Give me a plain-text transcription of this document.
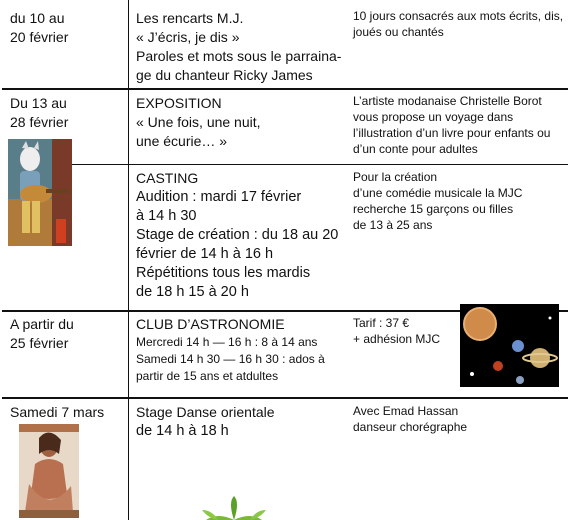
du 10 au
20 février
Les rencarts M.J.
« J’écris, je dis »
Paroles et mots sous le parraina-
ge du chanteur Ricky James
10 jours consacrés aux mots écrits, dis,
joués ou chantés
Du 13 au
28 février
EXPOSITION
« Une fois, une nuit,
une écurie… »
L’artiste modanaise Christelle Borot
vous propose un voyage dans
l’illustration d’un livre pour enfants ou
d’un conte pour adultes
CASTING
Audition : mardi 17 février
à 14 h 30
Stage de création : du 18 au 20
février de 14 h à 16 h
Répétitions tous les mardis
de 18 h 15 à 20 h
Pour la création
d’une comédie musicale la MJC
recherche 15 garçons ou filles
de 13 à 25 ans
A partir du
25 février
CLUB D’ASTRONOMIE
Mercredi 14 h — 16 h : 8 à 14 ans
Samedi 14 h 30 — 16 h 30 : ados à
partir de 15 ans et atdultes
Tarif : 37 €
+ adhésion MJC
Samedi 7 mars	Stage Danse orientale
de 14 h à 18 h
Avec Emad Hassan
danseur chorégraphe
